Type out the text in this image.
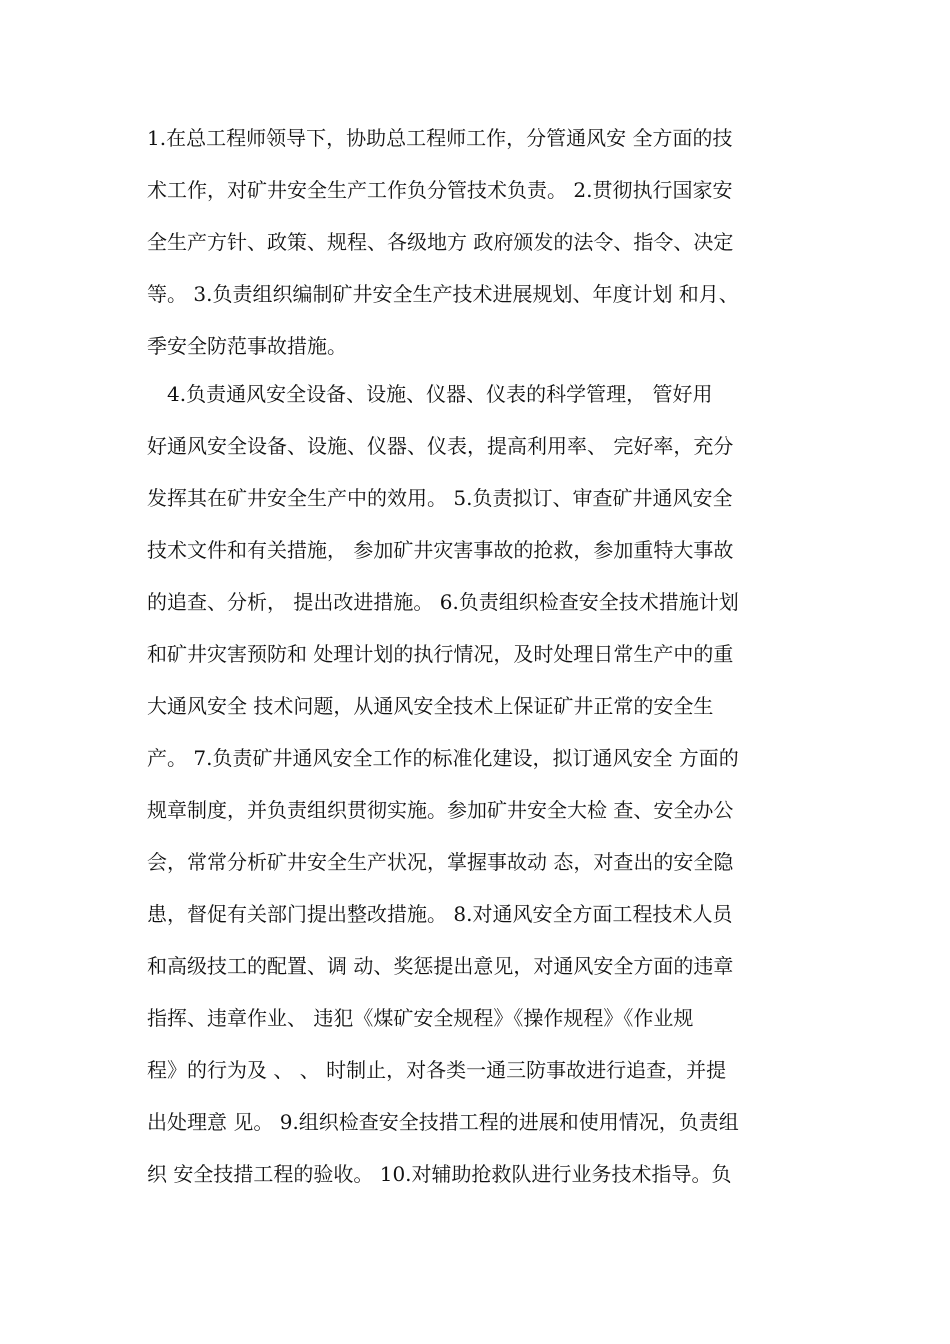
1.在总工程师领导下，协助总工程师工作，分管通风安 全方面的技
术工作，对矿井安全生产工作负分管技术负责。 2.贯彻执行国家安
全生产方针、政策、规程、各级地方 政府颁发的法令、指令、决定
等。 3.负责组织编制矿井安全生产技术进展规划、年度计划 和月、
季安全防范事故措施。
　4.负责通风安全设备、设施、仪器、仪表的科学管理， 管好用
好通风安全设备、设施、仪器、仪表，提高利用率、 完好率，充分
发挥其在矿井安全生产中的效用。 5.负责拟订、审查矿井通风安全
技术文件和有关措施， 参加矿井灾害事故的抢救，参加重特大事故
的追查、分析， 提出改进措施。 6.负责组织检查安全技术措施计划
和矿井灾害预防和 处理计划的执行情况，及时处理日常生产中的重
大通风安全 技术问题，从通风安全技术上保证矿井正常的安全生
产。 7.负责矿井通风安全工作的标准化建设，拟订通风安全 方面的
规章制度，并负责组织贯彻实施。参加矿井安全大检 查、安全办公
会，常常分析矿井安全生产状况，掌握事故动 态，对查出的安全隐
患，督促有关部门提出整改措施。 8.对通风安全方面工程技术人员
和高级技工的配置、调 动、奖惩提出意见，对通风安全方面的违章
指挥、违章作业、 违犯《煤矿安全规程》《操作规程》《作业规
程》的行为及 、 、 时制止，对各类一通三防事故进行追查，并提
出处理意 见。 9.组织检查安全技措工程的进展和使用情况，负责组
织 安全技措工程的验收。 10.对辅助抢救队进行业务技术指导。负
